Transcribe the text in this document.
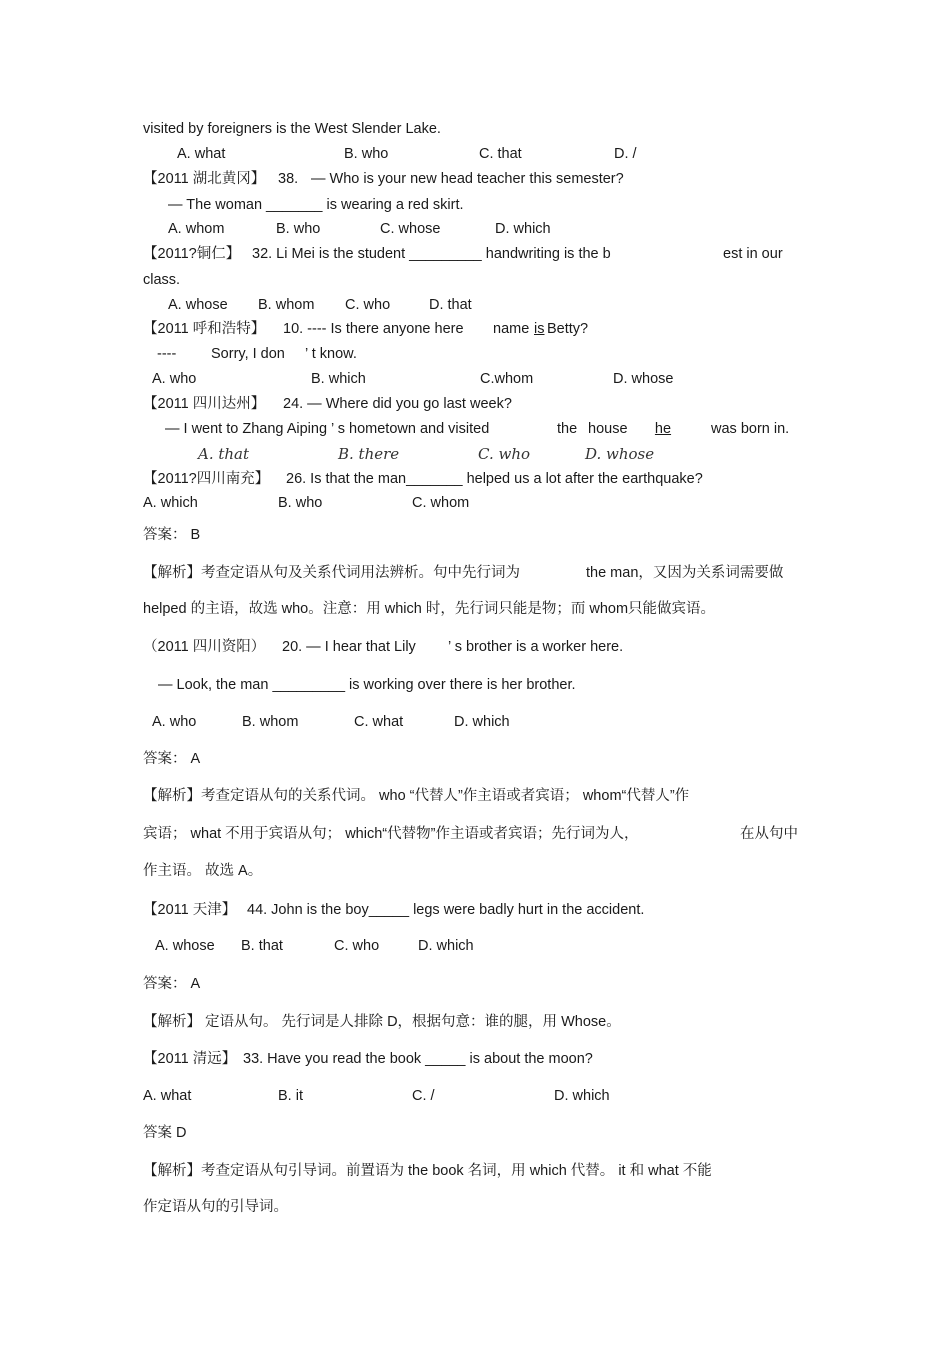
visited by foreigners is the West Slender Lake.
A. what	B. who	C. that	D. /
【2011 湖北黄冈】 38. — Who is your new head teacher this semester?
— The woman _______ is wearing a red skirt.
A. whom	B. who	C. whose	D. which
【2011?铜仁】 32. Li Mei is the student _________ handwriting is the b	est in our
class.
A. whose B. whom C. who	D. that
【2011 呼和浩特】 10. ---- Is there anyone here name is Betty?
---- Sorry, I don ’ t know.
A. who	B. which	C.whom	D. whose
【2011 四川达州】 24. — Where did you go last week?
— I went to Zhang Aiping ’ s hometown and visited	the house	he	was born in.
A. that	B. there	C. who	D. whose
【2011?四川南充】 26. Is that the man_______ helped us a lot after the earthquake?
A. which	B. who	C. whom
答案： B
【解析】考查定语从句及关系代词用法辨析。句中先行词为	the man，又因为关系词需要做
helped 的主语，故选 who。注意：用 which 时，先行词只能是物；而 whom只能做宾语。
（2011 四川资阳） 20. — I hear that Lily ’ s brother is a worker here.
— Look, the man _________ is working over there is her brother.
A. who	B. whom	C. what	D. which
答案： A
【解析】考查定语从句的关系代词。 who “代替人”作主语或者宾语； whom“代替人”作
宾语； what 不用于宾语从句； which“代替物”作主语或者宾语；先行词为人，	在从句中
作主语。 故选 A。
【2011 天津】 44. John is the boy_____ legs were badly hurt in the accident.
A. whose B. that	C. who	D. which
答案： A
【解析】 定语从句。 先行词是人排除 D，根据句意：谁的腿，用 Whose。
【2011 清远】 33. Have you read the book _____ is about the moon?
A. what	B. it	C. /	D. which
答案 D
【解析】考查定语从句引导词。前置语为 the book 名词，用 which 代替。 it 和 what 不能
作定语从句的引导词。
